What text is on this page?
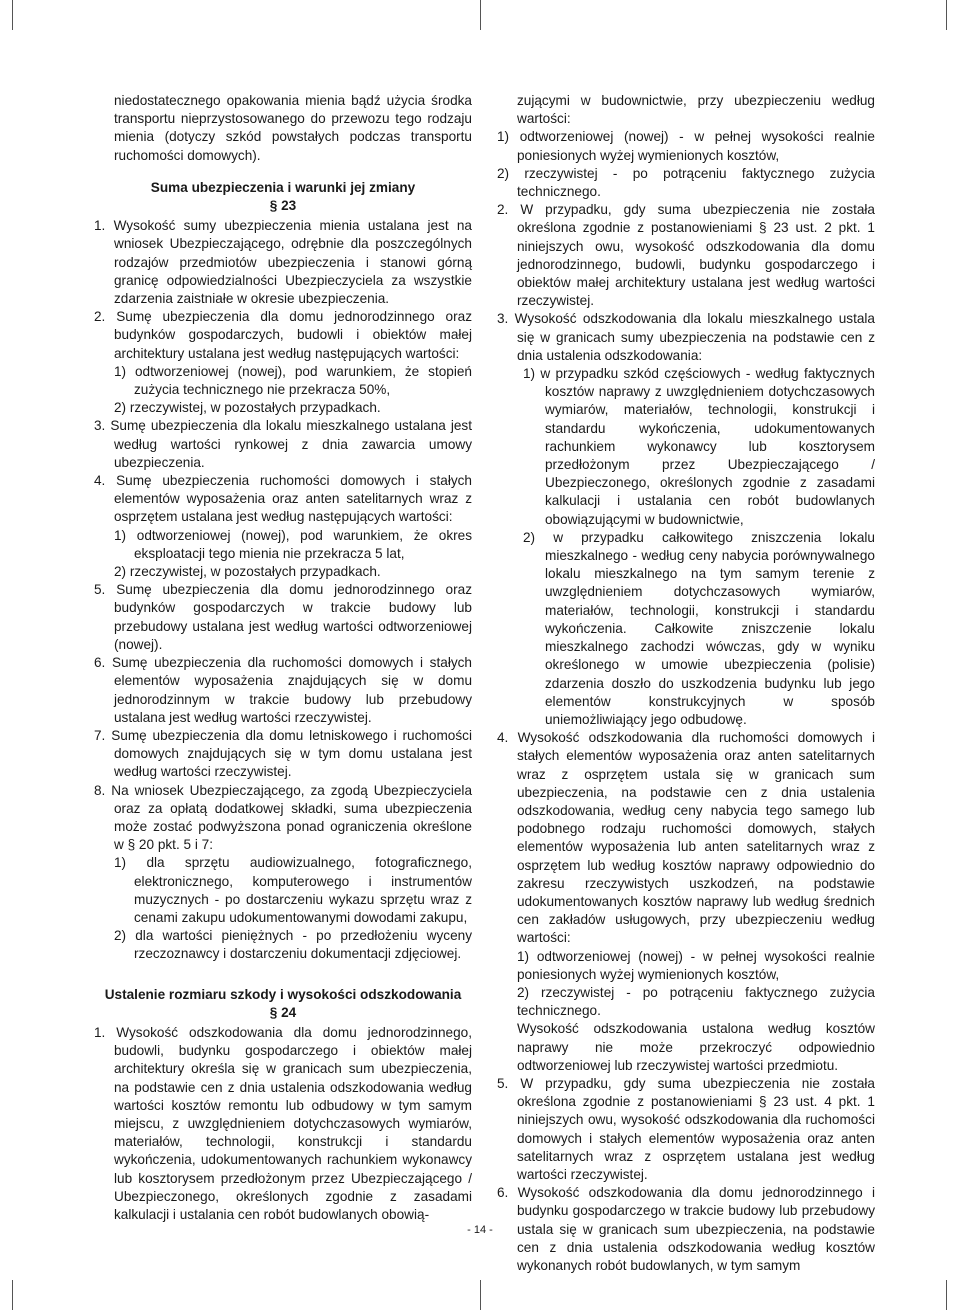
niedostatecznego opakowania mienia bądź użycia środka transportu nieprzystosowanego do przewozu tego rodzaju mienia (dotyczy szkód powstałych podczas transportu ruchomości domowych).

Suma ubezpieczenia i warunki jej zmiany

§ 23

1. Wysokość sumy ubezpieczenia mienia ustalana jest na wniosek Ubezpieczającego, odrębnie dla poszczególnych rodzajów przedmiotów ubezpieczenia i stanowi górną granicę odpowiedzialności Ubezpieczyciela za wszystkie zdarzenia zaistniałe w okresie ubezpieczenia.

2. Sumę ubezpieczenia dla domu jednorodzinnego oraz budynków gospodarczych, budowli i obiektów małej architektury ustalana jest według następujących wartości:

1) odtworzeniowej (nowej), pod warunkiem, że stopień zużycia technicznego nie przekracza 50%,

2) rzeczywistej, w pozostałych przypadkach.

3. Sumę ubezpieczenia dla lokalu mieszkalnego ustalana jest według wartości rynkowej z dnia zawarcia umowy ubezpieczenia.

4. Sumę ubezpieczenia ruchomości domowych i stałych elementów wyposażenia oraz anten satelitarnych wraz z osprzętem ustalana jest według następujących wartości:

1) odtworzeniowej (nowej), pod warunkiem, że okres eksploatacji tego mienia nie przekracza 5 lat,

2) rzeczywistej, w pozostałych przypadkach.

5. Sumę ubezpieczenia dla domu jednorodzinnego oraz budynków gospodarczych w trakcie budowy lub przebudowy ustalana jest według wartości odtworzeniowej (nowej).

6. Sumę ubezpieczenia dla ruchomości domowych i stałych elementów wyposażenia znajdujących się w domu jednorodzinnym w trakcie budowy lub przebudowy ustalana jest według wartości rzeczywistej.

7. Sumę ubezpieczenia dla domu letniskowego i ruchomości domowych znajdujących się w tym domu ustalana jest według wartości rzeczywistej.

8. Na wniosek Ubezpieczającego, za zgodą Ubezpieczyciela oraz za opłatą dodatkowej składki, suma ubezpieczenia może zostać podwyższona ponad ograniczenia określone w § 20 pkt. 5 i 7:

1) dla sprzętu audiowizualnego, fotograficznego, elektronicznego, komputerowego i instrumentów muzycznych - po dostarczeniu wykazu sprzętu wraz z cenami zakupu udokumentowanymi dowodami zakupu,

2) dla wartości pieniężnych - po przedłożeniu wyceny rzeczoznawcy i dostarczeniu dokumentacji zdjęciowej.

Ustalenie rozmiaru szkody i wysokości odszkodowania

§ 24

1. Wysokość odszkodowania dla domu jednorodzinnego, budowli, budynku gospodarczego i obiektów małej architektury określa się w granicach sum ubezpieczenia, na podstawie cen z dnia ustalenia odszkodowania według wartości kosztów remontu lub odbudowy w tym samym miejscu, z uwzględnieniem dotychczasowych wymiarów, materiałów, technologii, konstrukcji i standardu wykończenia, udokumentowanych rachunkiem wykonawcy lub kosztorysem przedłożonym przez Ubezpieczającego / Ubezpieczonego, określonych zgodnie z zasadami kalkulacji i ustalania cen robót budowlanych obowią-

zującymi w budownictwie, przy ubezpieczeniu według wartości:

1) odtworzeniowej (nowej) - w pełnej wysokości realnie poniesionych wyżej wymienionych kosztów,

2) rzeczywistej - po potrąceniu faktycznego zużycia technicznego.

2. W przypadku, gdy suma ubezpieczenia nie została określona zgodnie z postanowieniami § 23 ust. 2 pkt. 1 niniejszych owu, wysokość odszkodowania dla domu jednorodzinnego, budowli, budynku gospodarczego i obiektów małej architektury ustalana jest według wartości rzeczywistej.

3. Wysokość odszkodowania dla lokalu mieszkalnego ustala się w granicach sumy ubezpieczenia na podstawie cen z dnia ustalenia odszkodowania:

1) w przypadku szkód częściowych - według faktycznych kosztów naprawy z uwzględnieniem dotychczasowych wymiarów, materiałów, technologii, konstrukcji i standardu wykończenia, udokumentowanych rachunkiem wykonawcy lub kosztorysem przedłożonym przez Ubezpieczającego / Ubezpieczonego, określonych zgodnie z zasadami kalkulacji i ustalania cen robót budowlanych obowiązującymi w budownictwie,

2) w przypadku całkowitego zniszczenia lokalu mieszkalnego - według ceny nabycia porównywalnego lokalu mieszkalnego na tym samym terenie z uwzględnieniem dotychczasowych wymiarów, materiałów, technologii, konstrukcji i standardu wykończenia. Całkowite zniszczenie lokalu mieszkalnego zachodzi wówczas, gdy w wyniku określonego w umowie ubezpieczenia (polisie) zdarzenia doszło do uszkodzenia budynku lub jego elementów konstrukcyjnych w sposób uniemożliwiający jego odbudowę.

4. Wysokość odszkodowania dla ruchomości domowych i stałych elementów wyposażenia oraz anten satelitarnych wraz z osprzętem ustala się w granicach sum ubezpieczenia, na podstawie cen z dnia ustalenia odszkodowania, według ceny nabycia tego samego lub podobnego rodzaju ruchomości domowych, stałych elementów wyposażenia lub anten satelitarnych wraz z osprzętem lub według kosztów naprawy odpowiednio do zakresu rzeczywistych uszkodzeń, na podstawie udokumentowanych kosztów naprawy lub według średnich cen zakładów usługowych, przy ubezpieczeniu według wartości:

1) odtworzeniowej (nowej) - w pełnej wysokości realnie poniesionych wyżej wymienionych kosztów,

2) rzeczywistej - po potrąceniu faktycznego zużycia technicznego.

Wysokość odszkodowania ustalona według kosztów naprawy nie może przekroczyć odpowiednio odtworzeniowej lub rzeczywistej wartości przedmiotu.

5. W przypadku, gdy suma ubezpieczenia nie została określona zgodnie z postanowieniami § 23 ust. 4 pkt. 1 niniejszych owu, wysokość odszkodowania dla ruchomości domowych i stałych elementów wyposażenia oraz anten satelitarnych wraz z osprzętem ustalana jest według wartości rzeczywistej.

6. Wysokość odszkodowania dla domu jednorodzinnego i budynku gospodarczego w trakcie budowy lub przebudowy ustala się w granicach sum ubezpieczenia, na podstawie cen z dnia ustalenia odszkodowania według kosztów wykonanych robót budowlanych, w tym samym

- 14 -
